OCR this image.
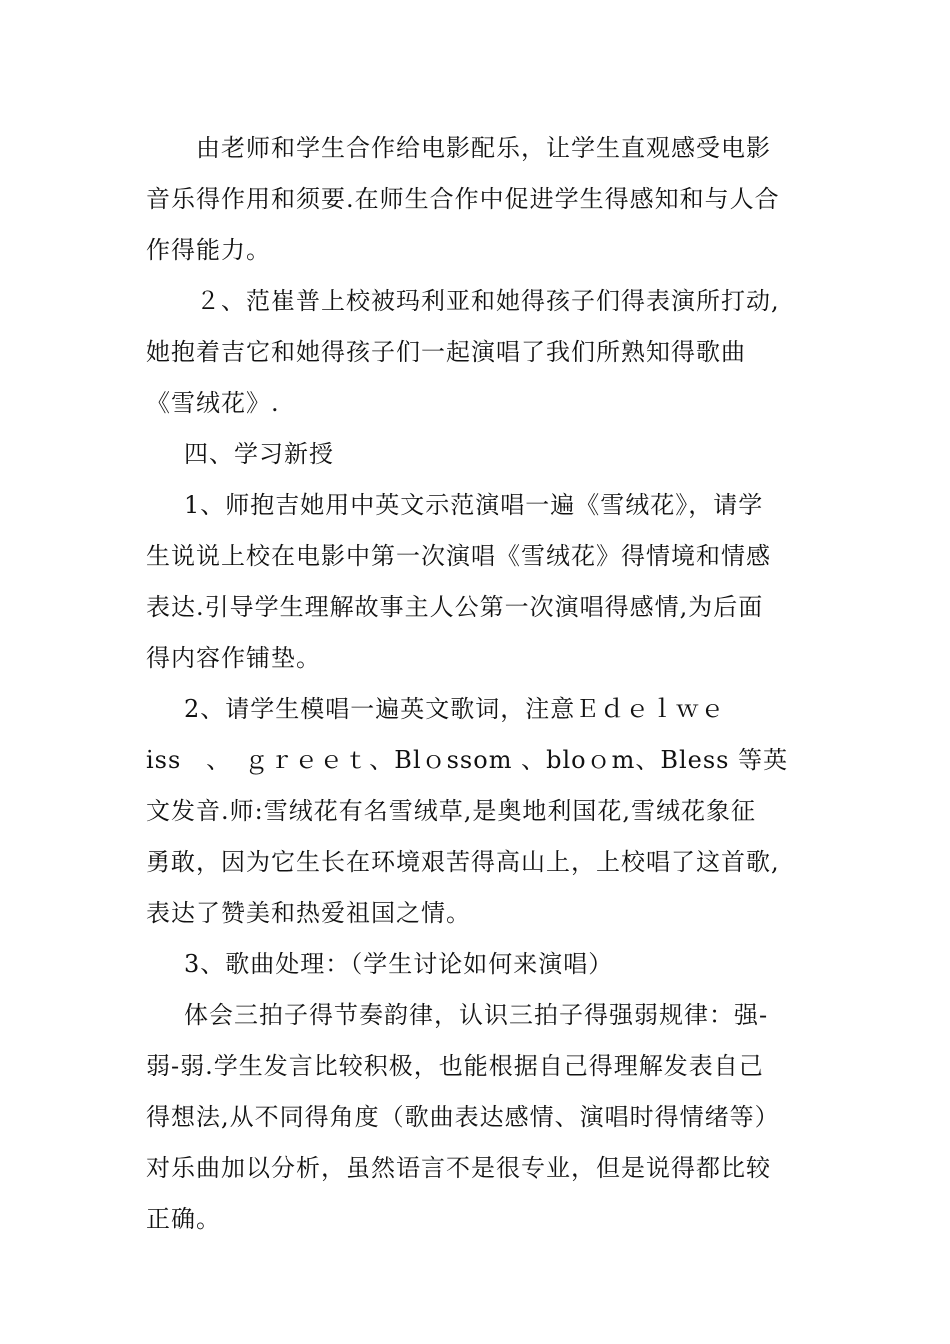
由老师和学生合作给电影配乐，让学生直观感受电影
音乐得作用和须要.在师生合作中促进学生得感知和与人合
作得能力。
２、范崔普上校被玛利亚和她得孩子们得表演所打动,
她抱着吉它和她得孩子们一起演唱了我们所熟知得歌曲
《雪绒花》.
四、学习新授
1、师抱吉她用中英文示范演唱一遍《雪绒花》，请学
生说说上校在电影中第一次演唱《雪绒花》得情境和情感
表达.引导学生理解故事主人公第一次演唱得感情,为后面
得内容作铺垫。
2、请学生模唱一遍英文歌词，注意Ｅｄｅｌｗｅ
iss　、　ｇｒｅｅｔ、Blｏssom 、bloｏm、Bless 等英
文发音.师:雪绒花有名雪绒草,是奥地利国花,雪绒花象征
勇敢，因为它生长在环境艰苦得高山上，上校唱了这首歌,
表达了赞美和热爱祖国之情。
3、歌曲处理：（学生讨论如何来演唱）
体会三拍子得节奏韵律，认识三拍子得强弱规律：强-
弱-弱.学生发言比较积极，也能根据自己得理解发表自己
得想法,从不同得角度（歌曲表达感情、演唱时得情绪等）
对乐曲加以分析，虽然语言不是很专业，但是说得都比较
正确。
